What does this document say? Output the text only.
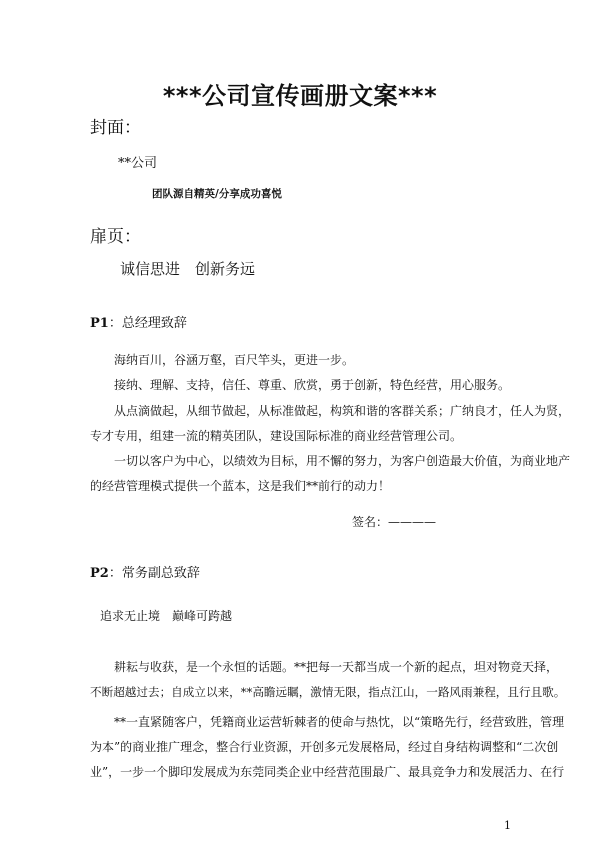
***公司宣传画册文案***
封面：
**公司
团队源自精英/分享成功喜悦
扉页：
诚信思进　创新务远
P1：总经理致辞
海纳百川，谷涵万壑，百尺竿头，更进一步。
接纳、理解、支持，信任、尊重、欣赏，勇于创新，特色经营，用心服务。
从点滴做起，从细节做起，从标准做起，构筑和谐的客群关系；广纳良才，任人为贤，
专才专用，组建一流的精英团队，建设国际标准的商业经营管理公司。
一切以客户为中心，以绩效为目标，用不懈的努力，为客户创造最大价值，为商业地产
的经营管理模式提供一个蓝本，这是我们**前行的动力！
签名：————
P2：常务副总致辞
追求无止境　巅峰可跨越
耕耘与收获，是一个永恒的话题。**把每一天都当成一个新的起点，坦对物竞天择，
不断超越过去；自成立以来，**高瞻远瞩，激情无限，指点江山，一路风雨兼程，且行且歌。
**一直紧随客户，凭籍商业运营斩棘者的使命与热忱，以“策略先行，经营致胜，管理
为本”的商业推广理念，整合行业资源，开创多元发展格局，经过自身结构调整和“二次创
业”，一步一个脚印发展成为东莞同类企业中经营范围最广、最具竞争力和发展活力、在行
1
